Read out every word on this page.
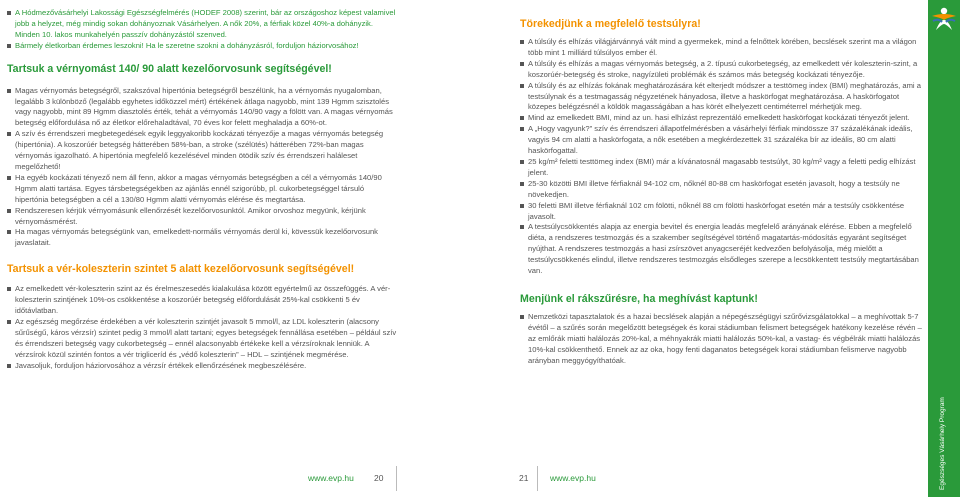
A Hódmezővásárhelyi Lakossági Egészségfelmérés (HODEF 2008) szerint, bár az országoshoz képest valamivel jobb a helyzet, még mindig sokan dohányoznak Vásárhelyen. A nők 20%, a férfiak közel 40%-a dohányzik. Minden 10. lakos munkahelyén passzív dohányzástól szenved.

Bármely életkorban érdemes leszokni! Ha le szeretne szokni a dohányzásról, forduljon háziorvosához!

Tartsuk a vérnyomást 140/ 90 alatt kezelőorvosunk segítségével!

Magas vérnyomás betegségről, szakszóval hipertónia betegségről beszélünk, ha a vérnyomás nyugalomban, legalább 3 különböző (legalább egyhetes időközzel mért) értékének átlaga nagyobb, mint 139 Hgmm szisztolés vagy nagyobb, mint 89 Hgmm diasztolés érték, tehát a vérnyomás 140/90 vagy a fölött van. A magas vérnyomás betegség előfordulása nő az életkor előrehaladtával, 70 éves kor felett meghaladja a 60%-ot.

A szív és érrendszeri megbetegedések egyik leggyakoribb kockázati tényezője a magas vérnyomás betegség (hipertónia). A koszorúér betegség hátterében 58%-ban, a stroke (szélütés) hátterében 72%-ban magas vérnyomás igazolható. A hipertónia megfelelő kezelésével minden ötödik szív és érrendszeri haláleset megelőzhető!

Ha egyéb kockázati tényező nem áll fenn, akkor a magas vérnyomás betegségben a cél a vérnyomás 140/90 Hgmm alatti tartása. Egyes társbetegségekben az ajánlás ennél szigorúbb, pl. cukorbetegséggel társuló hipertónia betegségben a cél a 130/80 Hgmm alatti vérnyomás elérése és megtartása.

Rendszeresen kérjük vérnyomásunk ellenőrzését kezelőorvosunktól. Amikor orvoshoz megyünk, kérjünk vérnyomásmérést.

Ha magas vérnyomás betegségünk van, emelkedett-normális vérnyomás derül ki, kövessük kezelőorvosunk javaslatait.

Tartsuk a vér-koleszterin szintet 5 alatt kezelőorvosunk segítségével!

Az emelkedett vér-koleszterin szint az és érelmeszesedés kialakulása között egyértelmű az összefüggés. A vér-koleszterin szintjének 10%-os csökkentése a koszorúér betegség előfordulását 25%-kal csökkenti 5 év időtávlatban.

Az egészség megőrzése érdekében a vér koleszterin szintjét javasolt 5 mmol/l, az LDL koleszterin (alacsony sűrűségű, káros vérzsír) szintet pedig 3 mmol/l alatt tartani; egyes betegségek fennállása esetében – például szív és érrendszeri betegség vagy cukorbetegség – ennél alacsonyabb értékeke kell a vérzsíroknak lenniük. A vérzsírok közül szintén fontos a vér trigliceríd és „védő koleszterin” – HDL – szintjének megmérése.

Javasoljuk, forduljon háziorvosához a vérzsír értékek ellenőrzésének megbeszélésére.

www.evp.hu 20
Törekedjünk a megfelelő testsúlyra!

A túlsúly és elhízás világjárvánnyá vált mind a gyermekek, mind a felnőttek körében, becslések szerint ma a világon több mint 1 milliárd túlsúlyos ember él.

A túlsúly és elhízás a magas vérnyomás betegség, a 2. típusú cukorbetegség, az emelkedett vér koleszterin-szint, a koszorúér-betegség és stroke, nagyízületi problémák és számos más betegség kockázati tényezője.

A túlsúly és az elhízás fokának meghatározására két elterjedt módszer a testtömeg index (BMI) meghatározás, ami a testsúlynak és a testmagasság négyzetének hányadosa, illetve a haskörfogat meghatározása. A haskörfogatot közepes belégzésnél a köldök magasságában a has körét elhelyezett centiméterrel mérhetjük meg.

Mind az emelkedett BMI, mind az un. hasi elhízást reprezentáló emelkedett haskörfogat kockázati tényezőt jelent.

A „Hogy vagyunk?” szív és érrendszeri állapotfelmérésben a vásárhelyi férfiak mindössze 37 százalékának ideális, vagyis 94 cm alatti a haskörfogata, a nők esetében a megkérdezettek 31 százaléka bír az ideális, 80 cm alatti haskörfogattal.

25 kg/m² feletti testtömeg index (BMI) már a kívánatosnál magasabb testsúlyt, 30 kg/m² vagy a feletti pedig elhízást jelent.

25-30 közötti BMI illetve férfiaknál 94-102 cm, nőknél 80-88 cm haskörfogat esetén javasolt, hogy a testsúly ne növekedjen.

30 feletti BMI illetve férfiaknál 102 cm fölötti, nőknél 88 cm fölötti haskörfogat esetén már a testsúly csökkentése javasolt.

A testsúlycsökkentés alapja az energia bevitel és energia leadás megfelelő arányának elérése. Ebben a megfelelő diéta, a rendszeres testmozgás és a szakember segítségével történő magatartás-módosítás egyaránt segítséget nyújthat. A rendszeres testmozgás a hasi zsírszövet anyagcseréjét kedvezően befolyásolja, még mielőtt a testsúlycsökkenés elindul, illetve rendszeres testmozgás elsődleges szerepe a lecsökkentett testsúly megtartásában van.

Menjünk el rákszűrésre, ha meghívást kaptunk!

Nemzetközi tapasztalatok és a hazai becslések alapján a népegészségügyi szűrővizsgálatokkal – a meghívottak 5-7 évétől – a szűrés során megelőzött betegségek és korai stádiumban felismert betegségek hatékony kezelése révén – az emlőrák miatti halálozás 20%-kal, a méhnyakrák miatti halálozás 50%-kal, a vastag- és végbélrák miatti halálozás 10%-kal csökkenthető. Ennek az az oka, hogy fenti daganatos betegségek korai stádiumban felismerve nagyobb arányban meggyógyíthatóak.

21	www.evp.hu	Egészséges Vásárhely Program
